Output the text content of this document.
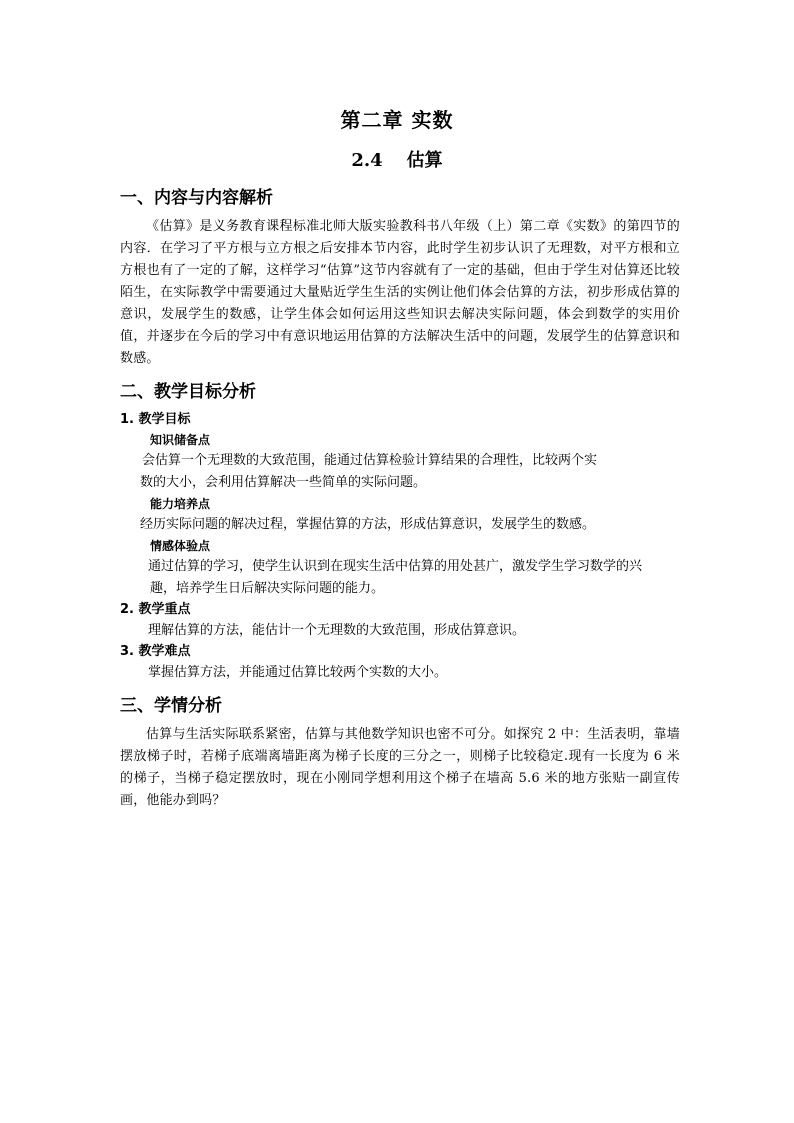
第二章 实数
2.4 估算
一、内容与内容解析

《估算》是义务教育课程标准北师大版实验教科书八年级（上）第二章《实数》的第四节的内容．在学习了平方根与立方根之后安排本节内容，此时学生初步认识了无理数，对平方根和立方根也有了一定的了解，这样学习“估算”这节内容就有了一定的基础，但由于学生对估算还比较陌生，在实际教学中需要通过大量贴近学生生活的实例让他们体会估算的方法，初步形成估算的意识，发展学生的数感，让学生体会如何运用这些知识去解决实际问题，体会到数学的实用价值，并逐步在今后的学习中有意识地运用估算的方法解决生活中的问题，发展学生的估算意识和数感。

二、教学目标分析
1. 教学目标
知识储备点
会估算一个无理数的大致范围，能通过估算检验计算结果的合理性，比较两个实
数的大小，会利用估算解决一些简单的实际问题。
能力培养点
经历实际问题的解决过程，掌握估算的方法，形成估算意识，发展学生的数感。
情感体验点
通过估算的学习，使学生认识到在现实生活中估算的用处甚广，激发学生学习数学的兴
趣，培养学生日后解决实际问题的能力。
2. 教学重点
理解估算的方法，能估计一个无理数的大致范围，形成估算意识。
3. 教学难点
掌握估算方法，并能通过估算比较两个实数的大小。
三、学情分析

估算与生活实际联系紧密，估算与其他数学知识也密不可分。如探究 2 中：生活表明，靠墙摆放梯子时，若梯子底端离墙距离为梯子长度的三分之一，则梯子比较稳定.现有一长度为 6 米的梯子，当梯子稳定摆放时，现在小刚同学想利用这个梯子在墙高 5.6 米的地方张贴一副宣传画，他能办到吗？
